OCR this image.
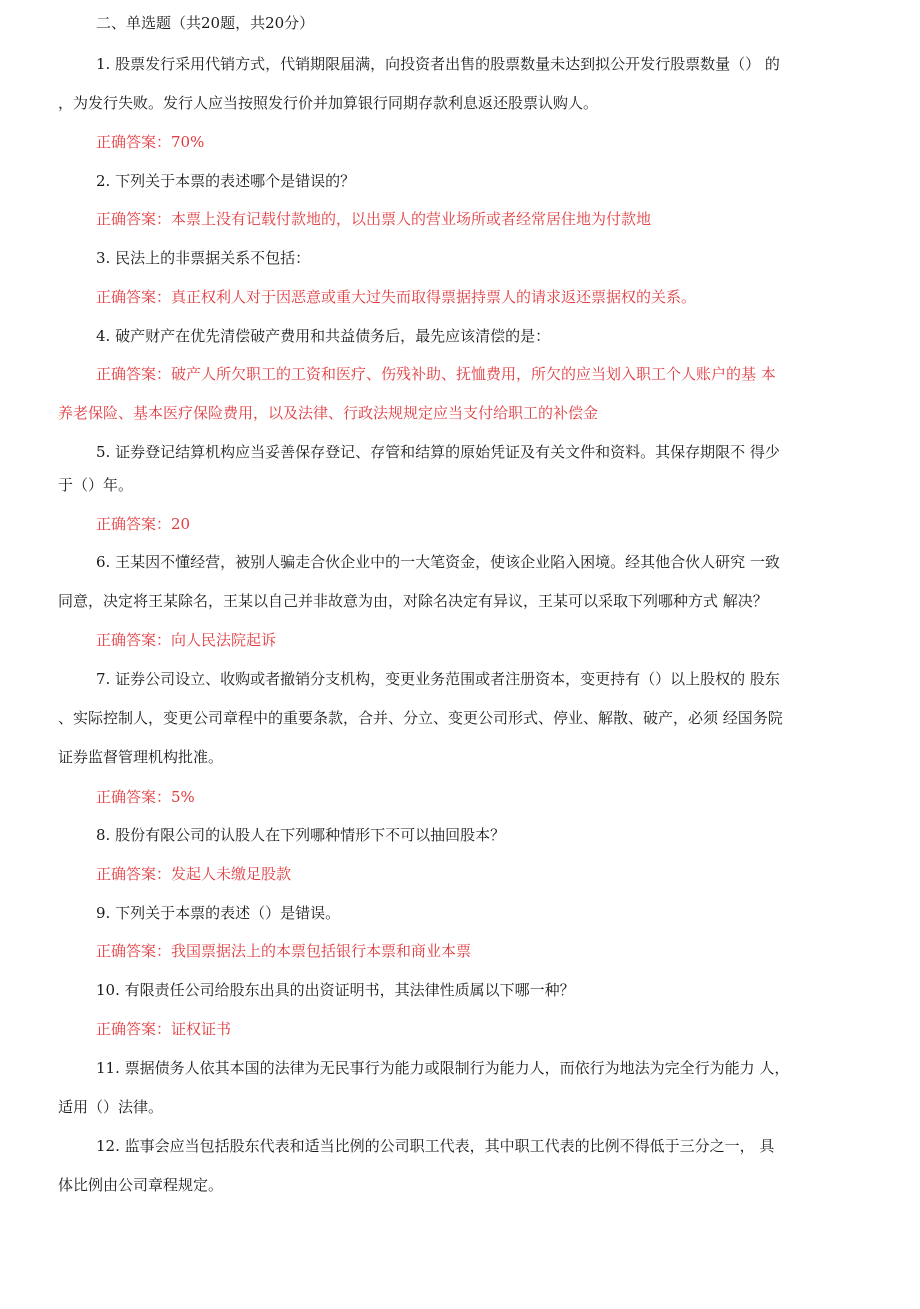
二、单选题（共20题，共20分）
1. 股票发行采用代销方式，代销期限届满，向投资者出售的股票数量未达到拟公开发行股票数量（） 的
，为发行失败。发行人应当按照发行价并加算银行同期存款利息返还股票认购人。
正确答案：70%
2. 下列关于本票的表述哪个是错误的？
正确答案：本票上没有记载付款地的，以出票人的营业场所或者经常居住地为付款地
3. 民法上的非票据关系不包括：
正确答案：真正权利人对于因恶意或重大过失而取得票据持票人的请求返还票据权的关系。
4. 破产财产在优先清偿破产费用和共益债务后，最先应该清偿的是：
正确答案：破产人所欠职工的工资和医疗、伤残补助、抚恤费用，所欠的应当划入职工个人账户的基 本
养老保险、基本医疗保险费用，以及法律、行政法规规定应当支付给职工的补偿金
5. 证券登记结算机构应当妥善保存登记、存管和结算的原始凭证及有关文件和资料。其保存期限不 得少
于（）年。
正确答案：20
6. 王某因不懂经营，被别人骗走合伙企业中的一大笔资金，使该企业陷入困境。经其他合伙人研究 一致
同意，决定将王某除名，王某以自己并非故意为由，对除名决定有异议，王某可以采取下列哪种方式 解决？
正确答案：向人民法院起诉
7. 证券公司设立、收购或者撤销分支机构，变更业务范围或者注册资本，变更持有（）以上股权的 股东
、实际控制人，变更公司章程中的重要条款，合并、分立、变更公司形式、停业、解散、破产，必须 经国务院
证券监督管理机构批准。
正确答案：5%
8. 股份有限公司的认股人在下列哪种情形下不可以抽回股本？
正确答案：发起人未缴足股款
9. 下列关于本票的表述（）是错误。
正确答案：我国票据法上的本票包括银行本票和商业本票
10. 有限责任公司给股东出具的出资证明书，其法律性质属以下哪一种？
正确答案：证权证书
11. 票据债务人依其本国的法律为无民事行为能力或限制行为能力人，而依行为地法为完全行为能力 人，
适用（）法律。
12. 监事会应当包括股东代表和适当比例的公司职工代表，其中职工代表的比例不得低于三分之一， 具
体比例由公司章程规定。
